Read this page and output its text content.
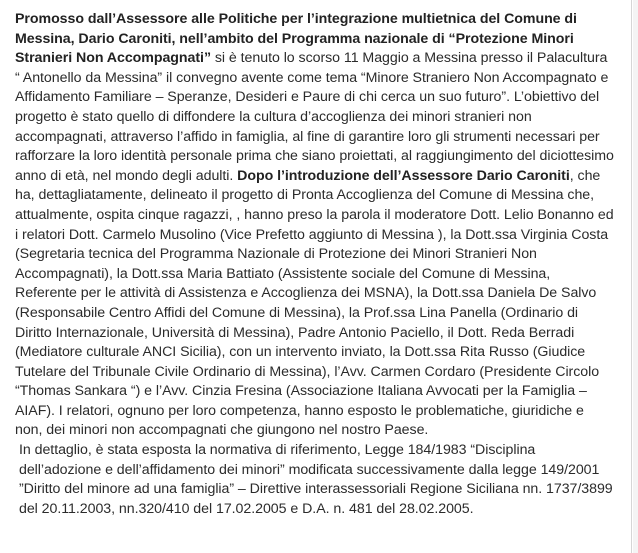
Promosso dall’Assessore alle Politiche per l’integrazione multietnica del Comune di Messina, Dario Caroniti, nell’ambito del Programma nazionale di “Protezione Minori Stranieri Non Accompagnati” si è tenuto lo scorso 11 Maggio a Messina presso il Palacultura “ Antonello da Messina” il convegno avente come tema “Minore Straniero Non Accompagnato e Affidamento Familiare – Speranze, Desideri e Paure di chi cerca un suo futuro”. L’obiettivo del progetto è stato quello di diffondere la cultura d’accoglienza dei minori stranieri non accompagnati, attraverso l’affido in famiglia, al fine di garantire loro gli strumenti necessari per rafforzare la loro identità personale prima che siano proiettati, al raggiungimento del diciottesimo anno di età, nel mondo degli adulti. Dopo l’introduzione dell’Assessore Dario Caroniti, che ha, dettagliatamente, delineato il progetto di Pronta Accoglienza del Comune di Messina che, attualmente, ospita cinque ragazzi, , hanno preso la parola il moderatore Dott. Lelio Bonanno ed i relatori Dott. Carmelo Musolino (Vice Prefetto aggiunto di Messina ), la Dott.ssa Virginia Costa (Segretaria tecnica del Programma Nazionale di Protezione dei Minori Stranieri Non Accompagnati), la Dott.ssa Maria Battiato (Assistente sociale del Comune di Messina, Referente per le attività di Assistenza e Accoglienza dei MSNA), la Dott.ssa Daniela De Salvo (Responsabile Centro Affidi del Comune di Messina), la Prof.ssa Lina Panella (Ordinario di Diritto Internazionale, Università di Messina), Padre Antonio Paciello, il Dott. Reda Berradi (Mediatore culturale ANCI Sicilia), con un intervento inviato, la Dott.ssa Rita Russo (Giudice Tutelare del Tribunale Civile Ordinario di Messina), l’Avv. Carmen Cordaro (Presidente Circolo “Thomas Sankara “) e l’Avv. Cinzia Fresina (Associazione Italiana Avvocati per la Famiglia – AIAF). I relatori, ognuno per loro competenza, hanno esposto le problematiche, giuridiche e non, dei minori non accompagnati che giungono nel nostro Paese.

In dettaglio, è stata esposta la normativa di riferimento, Legge 184/1983 “Disciplina dell’adozione e dell’affidamento dei minori” modificata successivamente dalla legge 149/2001 ”Diritto del minore ad una famiglia” – Direttive interassessoriali Regione Siciliana nn. 1737/3899 del 20.11.2003, nn.320/410 del 17.02.2005 e D.A. n. 481 del 28.02.2005.
